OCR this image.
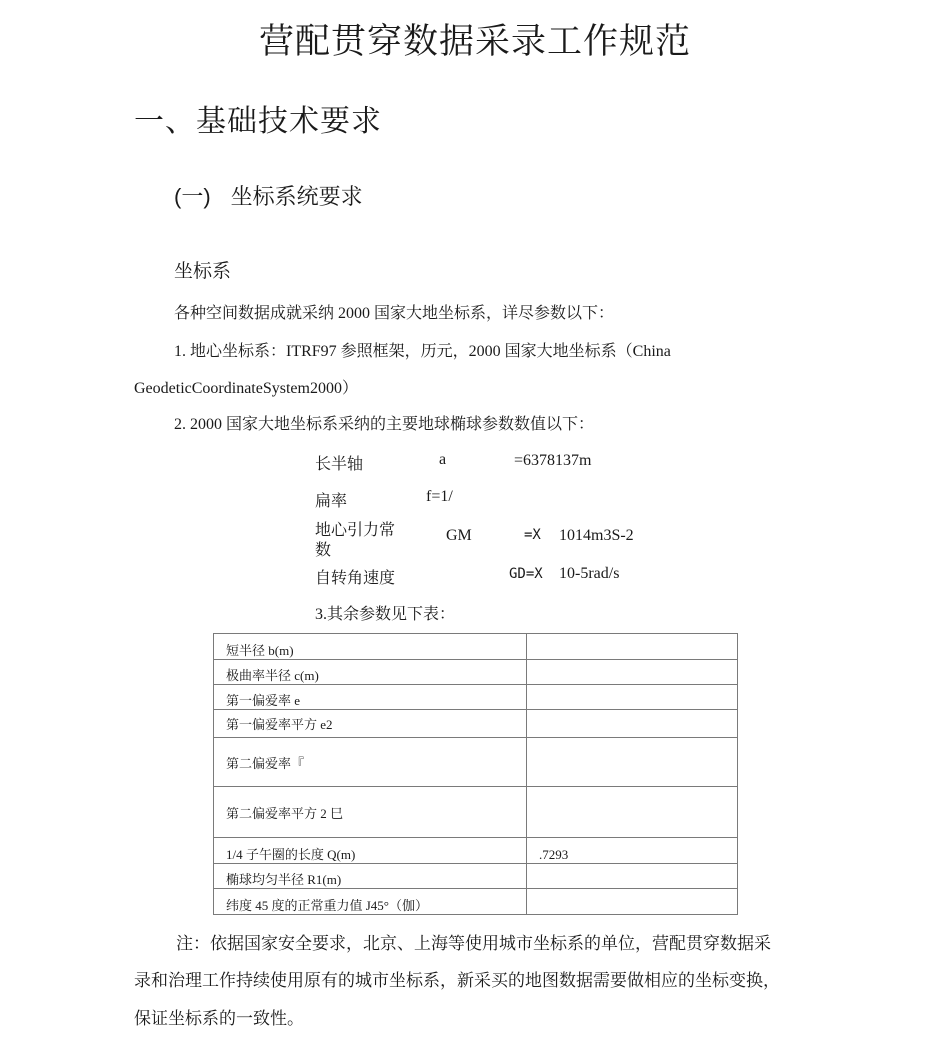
营配贯穿数据采录工作规范
一、基础技术要求
(一) 坐标系统要求
坐标系
各种空间数据成就采纳 2000 国家大地坐标系，详尽参数以下：
1. 地心坐标系：ITRF97 参照框架，历元，2000 国家大地坐标系（China
GeodeticCoordinateSystem2000）
2. 2000 国家大地坐标系采纳的主要地球椭球参数数值以下：
长半轴	a	=6378137m
扁率	f=1/
地心引力常
数
GM	=X 1014m3S-2
自转角速度	GD=X 10-5rad/s
3.其余参数见下表：
短半径 b(m)	
极曲率半径 c(m)	
第一偏爱率 e	
第一偏爱率平方 e2	
第二偏爱率『	
第二偏爱率平方 2 巳	
1/4 子午圈的长度 Q(m)	.7293
椭球均匀半径 R1(m)	
纬度 45 度的正常重力值 J45°（伽）	
注：依据国家安全要求，北京、上海等使用城市坐标系的单位，营配贯穿数据采
录和治理工作持续使用原有的城市坐标系，新采买的地图数据需要做相应的坐标变换，
保证坐标系的一致性。
